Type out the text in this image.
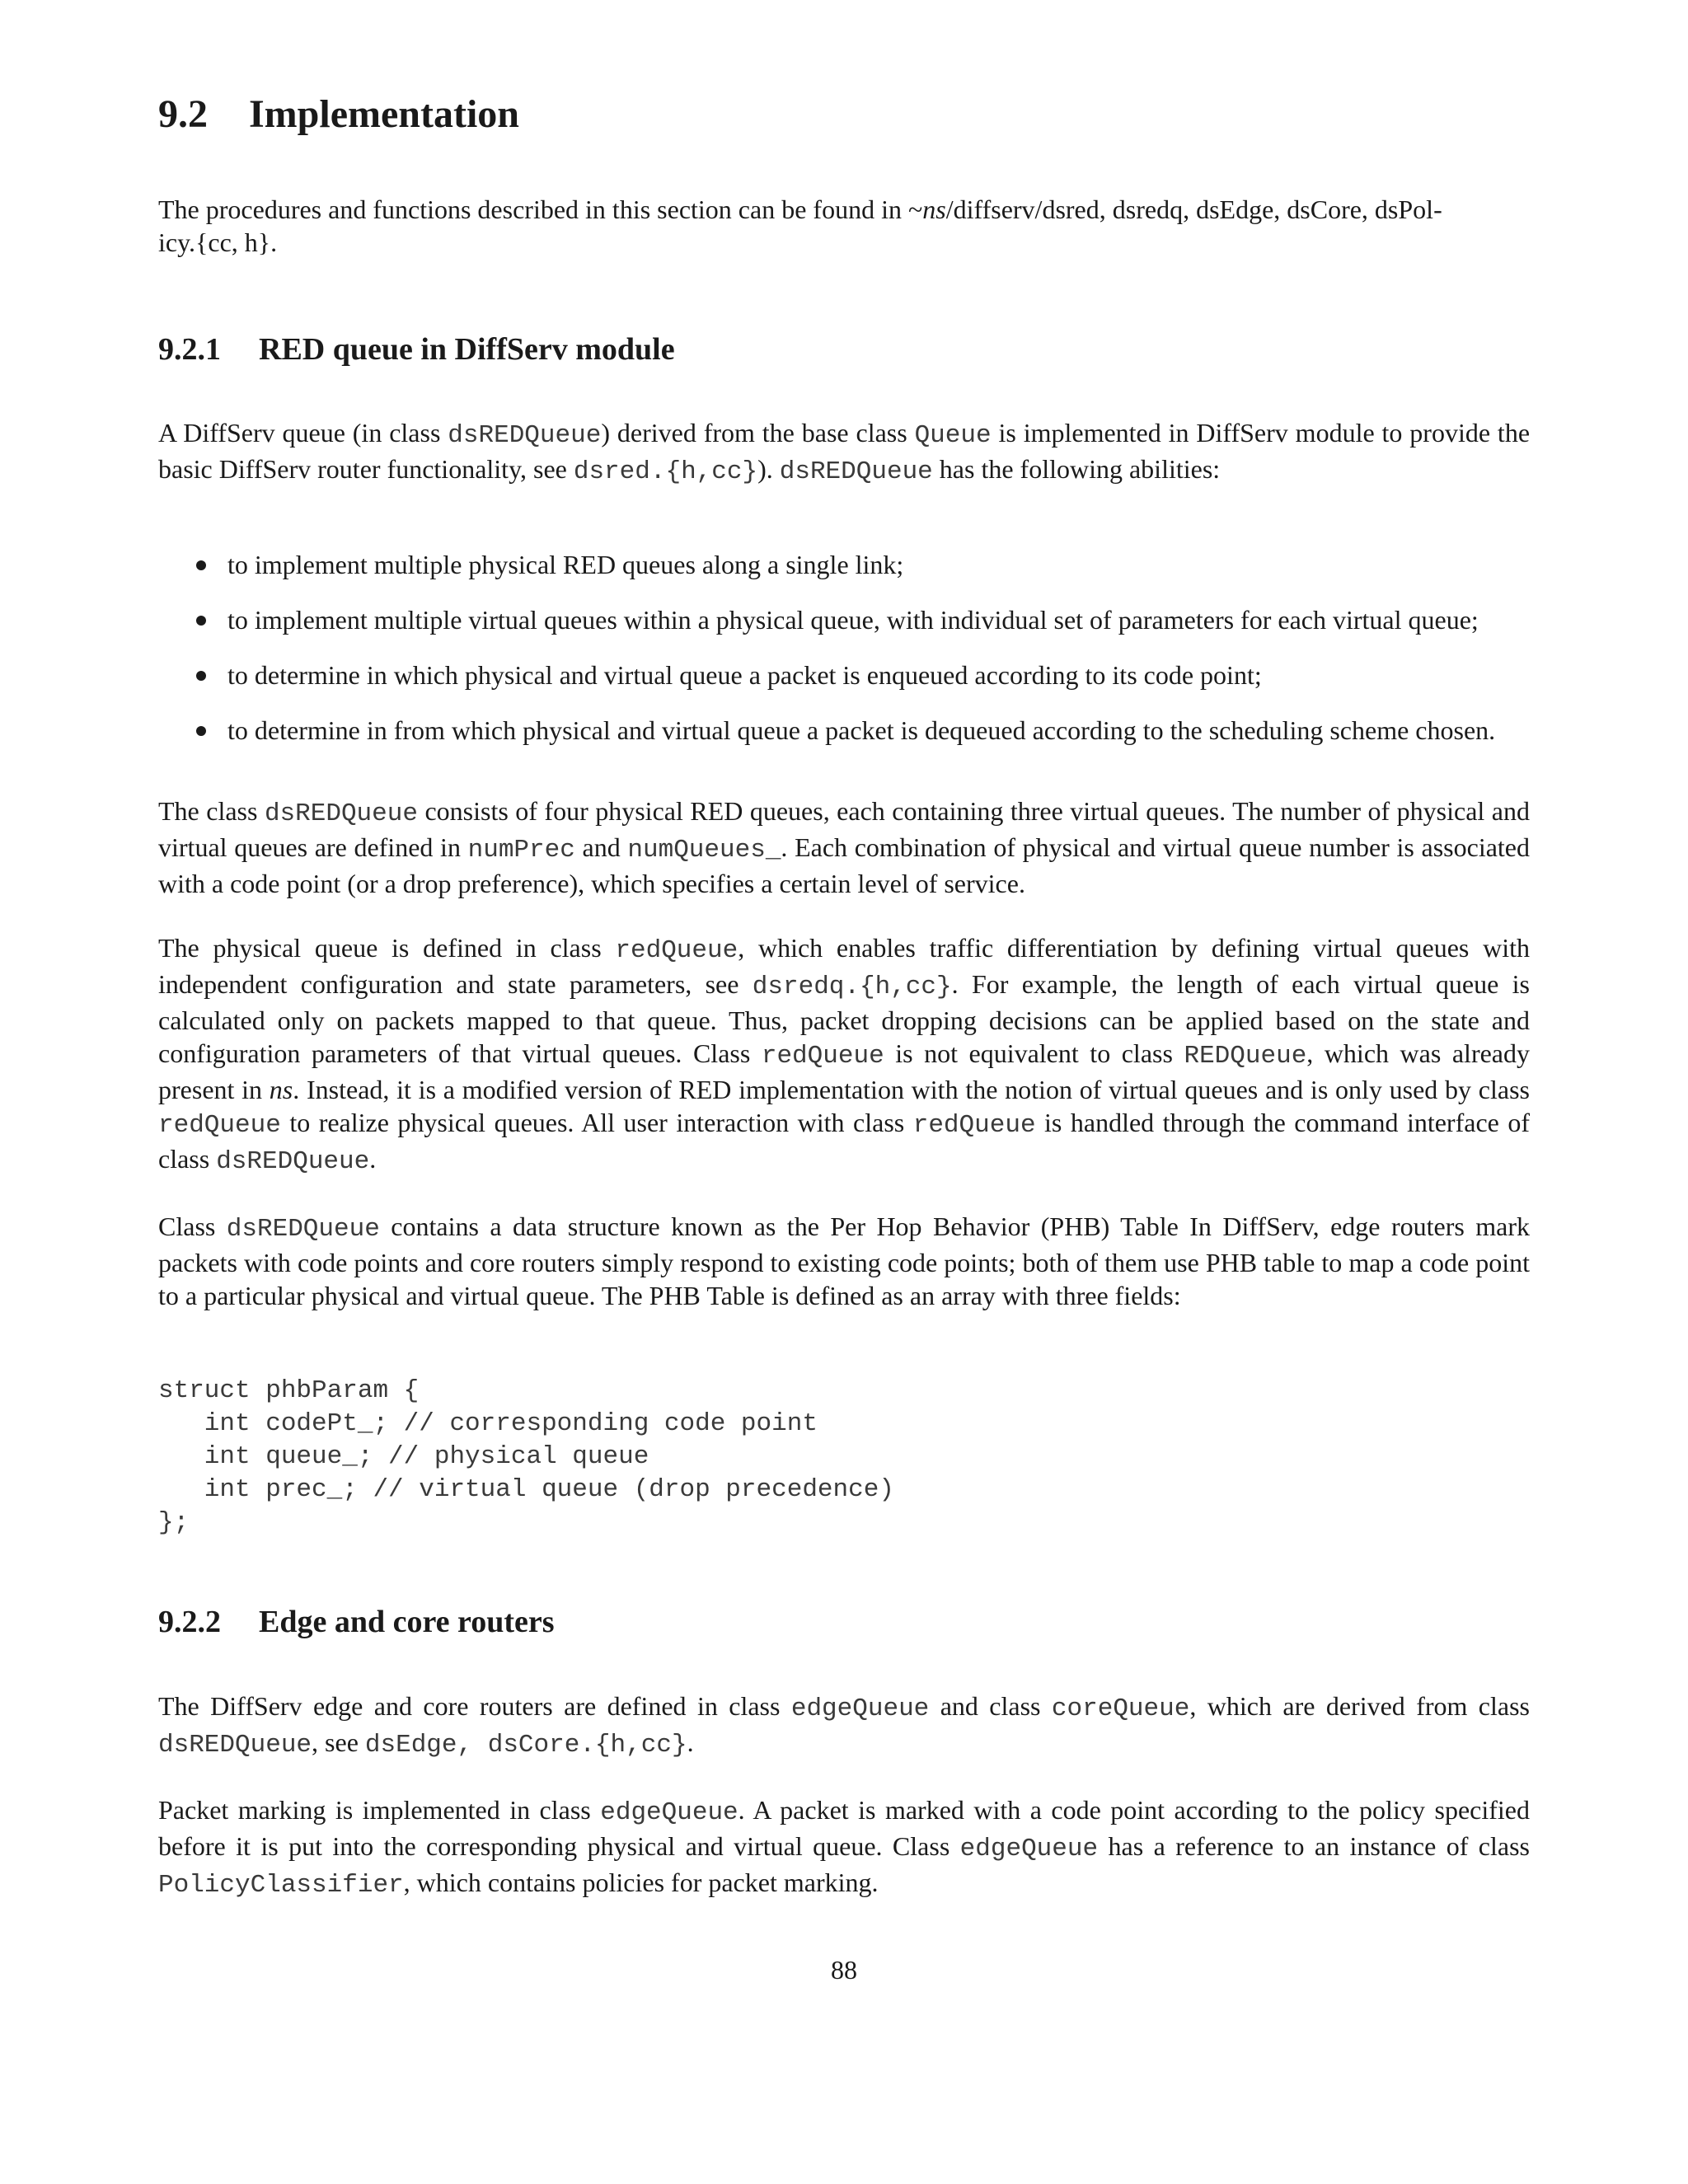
9.2 Implementation

The procedures and functions described in this section can be found in ~ns/diffserv/dsred, dsredq, dsEdge, dsCore, dsPol-
icy.{cc, h}.

9.2.1 RED queue in DiffServ module

A DiffServ queue (in class dsREDQueue) derived from the base class Queue is implemented in DiffServ module to provide the basic DiffServ router functionality, see dsred.{h,cc}). dsREDQueue has the following abilities:

to implement multiple physical RED queues along a single link;
to implement multiple virtual queues within a physical queue, with individual set of parameters for each virtual queue;
to determine in which physical and virtual queue a packet is enqueued according to its code point;
to determine in from which physical and virtual queue a packet is dequeued according to the scheduling scheme chosen.

The class dsREDQueue consists of four physical RED queues, each containing three virtual queues. The number of physical and virtual queues are defined in numPrec and numQueues_. Each combination of physical and virtual queue number is associated with a code point (or a drop preference), which specifies a certain level of service.

The physical queue is defined in class redQueue, which enables traffic differentiation by defining virtual queues with independent configuration and state parameters, see dsredq.{h,cc}. For example, the length of each virtual queue is calculated only on packets mapped to that queue. Thus, packet dropping decisions can be applied based on the state and configuration parameters of that virtual queues. Class redQueue is not equivalent to class REDQueue, which was already present in ns. Instead, it is a modified version of RED implementation with the notion of virtual queues and is only used by class redQueue to realize physical queues. All user interaction with class redQueue is handled through the command interface of class dsREDQueue.

Class dsREDQueue contains a data structure known as the Per Hop Behavior (PHB) Table In DiffServ, edge routers mark packets with code points and core routers simply respond to existing code points; both of them use PHB table to map a code point to a particular physical and virtual queue. The PHB Table is defined as an array with three fields:

struct phbParam {
int codePt_; // corresponding code point
int queue_; // physical queue
int prec_; // virtual queue (drop precedence)
};
9.2.2 Edge and core routers

The DiffServ edge and core routers are defined in class edgeQueue and class coreQueue, which are derived from class dsREDQueue, see dsEdge, dsCore.{h,cc}.

Packet marking is implemented in class edgeQueue. A packet is marked with a code point according to the policy specified before it is put into the corresponding physical and virtual queue. Class edgeQueue has a reference to an instance of class PolicyClassifier, which contains policies for packet marking.

88
